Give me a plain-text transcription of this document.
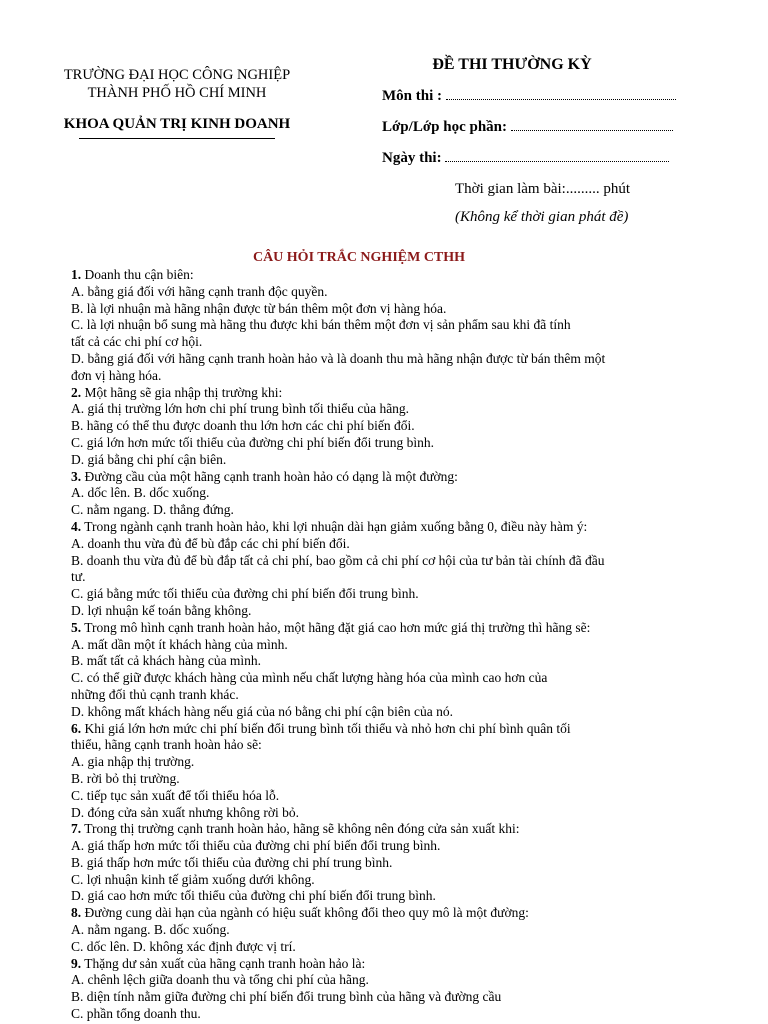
TRƯỜNG ĐẠI HỌC CÔNG NGHIỆP
THÀNH PHỐ HỒ CHÍ MINH
KHOA QUẢN TRỊ KINH DOANH
ĐỀ THI THƯỜNG KỲ
Môn thi :
Lớp/Lớp học phần:
Ngày thi:
Thời gian làm bài:......... phút
(Không kể thời gian phát đề)
CÂU HỎI TRẮC NGHIỆM CTHH
1. Doanh thu cận biên:
A. bằng giá đối với hãng cạnh tranh độc quyền.
B. là lợi nhuận mà hãng nhận được từ bán thêm một đơn vị hàng hóa.
C. là lợi nhuận bổ sung mà hãng thu được khi bán thêm một đơn vị sản phẩm sau khi đã tính
tất cả các chi phí cơ hội.
D. bằng giá đối với hãng cạnh tranh hoàn hảo và là doanh thu mà hãng nhận được từ bán thêm một
đơn vị hàng hóa.
2. Một hãng sẽ gia nhập thị trường khi:
A. giá thị trường lớn hơn chi phí trung bình tối thiểu của hãng.
B. hãng có thể thu được doanh thu lớn hơn các chi phí biến đổi.
C. giá lớn hơn mức tối thiểu của đường chi phí biến đổi trung bình.
D. giá bằng chi phí cận biên.
3. Đường cầu của một hãng cạnh tranh hoàn hảo có dạng là một đường:
A. dốc lên. B. dốc xuống.
C. nằm ngang. D. thẳng đứng.
4. Trong ngành cạnh tranh hoàn hảo, khi lợi nhuận dài hạn giảm xuống bằng 0, điều này hàm ý:
A. doanh thu vừa đủ để bù đắp các chi phí biến đổi.
B. doanh thu vừa đủ để bù đắp tất cả chi phí, bao gồm cả chi phí cơ hội của tư bản tài chính đã đầu
tư.
C. giá bằng mức tối thiểu của đường chi phí biến đổi trung bình.
D. lợi nhuận kế toán bằng không.
5. Trong mô hình cạnh tranh hoàn hảo, một hãng đặt giá cao hơn mức giá thị trường thì hãng sẽ:
A. mất dần một ít khách hàng của mình.
B. mất tất cả khách hàng của mình.
C. có thể giữ được khách hàng của mình nếu chất lượng hàng hóa của mình cao hơn của
những đối thủ cạnh tranh khác.
D. không mất khách hàng nếu giá của nó bằng chi phí cận biên của nó.
6. Khi giá lớn hơn mức chi phí biến đổi trung bình tối thiểu và nhỏ hơn chi phí bình quân tối
thiểu, hãng cạnh tranh hoàn hảo sẽ:
A. gia nhập thị trường.
B. rời bỏ thị trường.
C. tiếp tục sản xuất để tối thiểu hóa lỗ.
D. đóng cửa sản xuất nhưng không rời bỏ.
7. Trong thị trường cạnh tranh hoàn hảo, hãng sẽ không nên đóng cửa sản xuất khi:
A. giá thấp hơn mức tối thiểu của đường chi phí biến đổi trung bình.
B. giá thấp hơn mức tối thiểu của đường chi phí trung bình.
C. lợi nhuận kinh tế giảm xuống dưới không.
D. giá cao hơn mức tối thiểu của đường chi phí biến đổi trung bình.
8. Đường cung dài hạn của ngành có hiệu suất không đổi theo quy mô là một đường:
A. nằm ngang. B. dốc xuống.
C. dốc lên. D. không xác định được vị trí.
9. Thặng dư sản xuất của hãng cạnh tranh hoàn hảo là:
A. chênh lệch giữa doanh thu và tổng chi phí của hãng.
B. diện tính nằm giữa đường chi phí biến đổi trung bình của hãng và đường cầu
C. phần tổng doanh thu.
